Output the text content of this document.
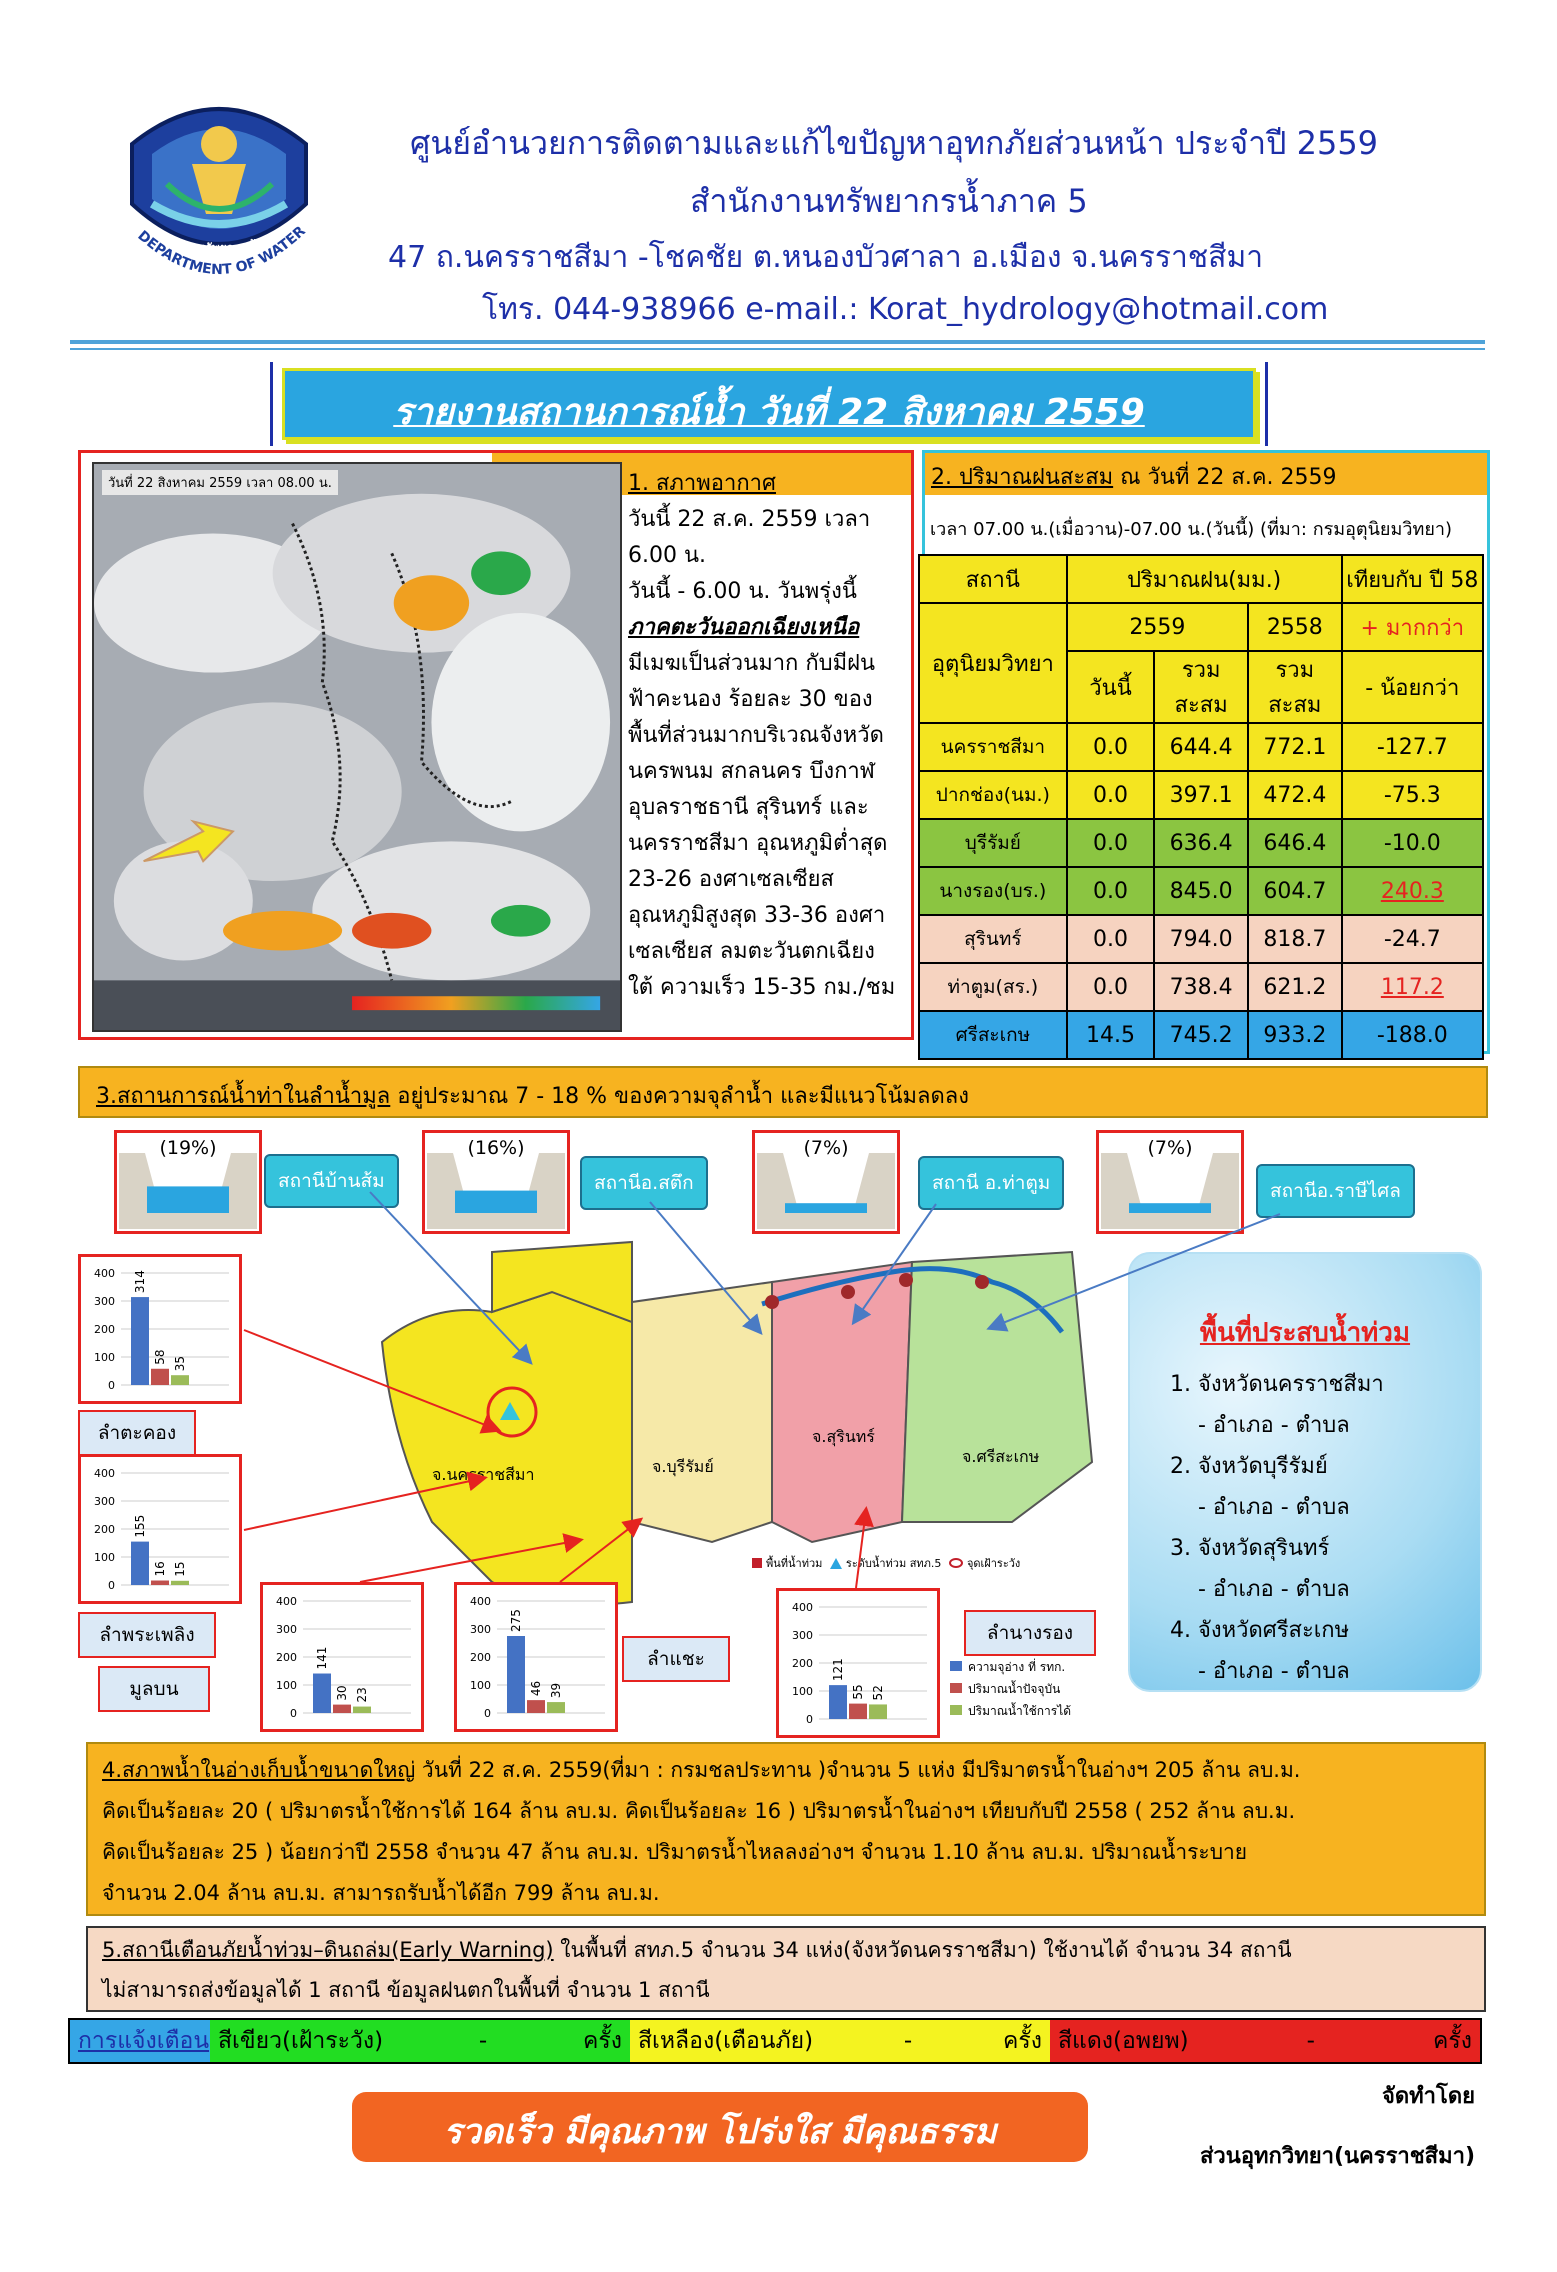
DEPARTMENT OF WATER
กรมทรัพยากรน้ำ
ศูนย์อำนวยการติดตามและแก้ไขปัญหาอุทกภัยส่วนหน้า ประจำปี 2559
สำนักงานทรัพยากรน้ำภาค 5
47 ถ.นครราชสีมา -โชคชัย ต.หนองบัวศาลา อ.เมือง จ.นครราชสีมา
โทร. 044-938966 e-mail.: Korat_hydrology@hotmail.com
รายงานสถานการณ์น้ำ วันที่ 22 สิงหาคม 2559
วันที่ 22 สิงหาคม 2559 เวลา 08.00 น.	1. สภาพอากาศ
วันนี้ 22 ส.ค. 2559 เวลา 6.00 น.
วันนี้ - 6.00 น. วันพรุ่งนี้
ภาคตะวันออกเฉียงเหนือ
มีเมฆเป็นส่วนมาก กับมีฝน
ฟ้าคะนอง ร้อยละ 30 ของ
พื้นที่ส่วนมากบริเวณจังหวัด
นครพนม สกลนคร บึงกาฬ
อุบลราชธานี สุรินทร์ และ
นครราชสีมา อุณหภูมิต่ำสุด
23-26 องศาเซลเซียส
อุณหภูมิสูงสุด 33-36 องศา
เซลเซียส ลมตะวันตกเฉียง
ใต้ ความเร็ว 15-35 กม./ชม
2. ปริมาณฝนสะสม ณ วันที่ 22 ส.ค. 2559
เวลา 07.00 น.(เมื่อวาน)-07.00 น.(วันนี้) (ที่มา: กรมอุตุนิยมวิทยา)
สถานี	ปริมาณฝน(มม.)			เทียบกับ ปี 58
อุตุนิยมวิทยา	2559		2558	+ มากกว่า
	วันนี้	รวมสะสม	รวมสะสม	- น้อยกว่า
นครราชสีมา	0.0	644.4	772.1	-127.7
ปากช่อง(นม.)	0.0	397.1	472.4	-75.3
บุรีรัมย์	0.0	636.4	646.4	-10.0
นางรอง(บร.)	0.0	845.0	604.7	240.3
สุรินทร์	0.0	794.0	818.7	-24.7
ท่าตูม(สร.)	0.0	738.4	621.2	117.2
ศรีสะเกษ	14.5	745.2	933.2	-188.0
3.สถานการณ์น้ำท่าในลำน้ำมูล อยู่ประมาณ 7 - 18 % ของความจุลำน้ำ และมีแนวโน้มลดลง
(19%)	(16%)	(7%)	(7%)
สถานีบ้านส้ม	สถานีอ.สตึก	สถานี อ.ท่าตูม	สถานีอ.ราษีไศล
จ.นครราชสีมา	จ.บุรีรัมย์
จ.สุรินทร์
จ.ศรีสะเกษ
พื้นที่น้ำท่วม ระดับน้ำท่วม สทภ.5 จุดเฝ้าระวัง
400
300
200
100
0
314
58 35
ลำตะคอง
400
300
200
100
0
155
16 15
ลำพระเพลิง
400
300
200
100
0
141
30 23
มูลบน
400
300
200
100
0
275
46 39
ลำแชะ
400
300
200
100
0
121
55 52
ลำนางรอง
ความจุอ่าง ที่ รทก.
ปริมาณน้ำปัจจุบัน
ปริมาณน้ำใช้การได้
พื้นที่ประสบน้ำท่วม
1. จังหวัดนครราชสีมา
- อำเภอ - ตำบล
2. จังหวัดบุรีรัมย์
- อำเภอ - ตำบล
3. จังหวัดสุรินทร์
- อำเภอ - ตำบล
4. จังหวัดศรีสะเกษ
- อำเภอ - ตำบล
4.สภาพน้ำในอ่างเก็บน้ำขนาดใหญ่ วันที่ 22 ส.ค. 2559(ที่มา : กรมชลประทาน )จำนวน 5 แห่ง มีปริมาตรน้ำในอ่างฯ 205 ล้าน ลบ.ม.
คิดเป็นร้อยละ 20 ( ปริมาตรน้ำใช้การได้ 164 ล้าน ลบ.ม. คิดเป็นร้อยละ 16 ) ปริมาตรน้ำในอ่างฯ เทียบกับปี 2558 ( 252 ล้าน ลบ.ม.
คิดเป็นร้อยละ 25 ) น้อยกว่าปี 2558 จำนวน 47 ล้าน ลบ.ม. ปริมาตรน้ำไหลลงอ่างฯ จำนวน 1.10 ล้าน ลบ.ม. ปริมาณน้ำระบาย
จำนวน 2.04 ล้าน ลบ.ม. สามารถรับน้ำได้อีก 799 ล้าน ลบ.ม.
5.สถานีเตือนภัยน้ำท่วม–ดินถล่ม(Early Warning) ในพื้นที่ สทภ.5 จำนวน 34 แห่ง(จังหวัดนครราชสีมา) ใช้งานได้ จำนวน 34 สถานี
ไม่สามารถส่งข้อมูลได้ 1 สถานี ข้อมูลฝนตกในพื้นที่ จำนวน 1 สถานี
การแจ้งเตือน สีเขียว(เฝ้าระวัง)	-	ครั้ง สีเหลือง(เตือนภัย)	-	ครั้ง สีแดง(อพยพ)	-	ครั้ง
รวดเร็ว มีคุณภาพ โปร่งใส มีคุณธรรม
จัดทำโดย
ส่วนอุทกวิทยา(นครราชสีมา)
